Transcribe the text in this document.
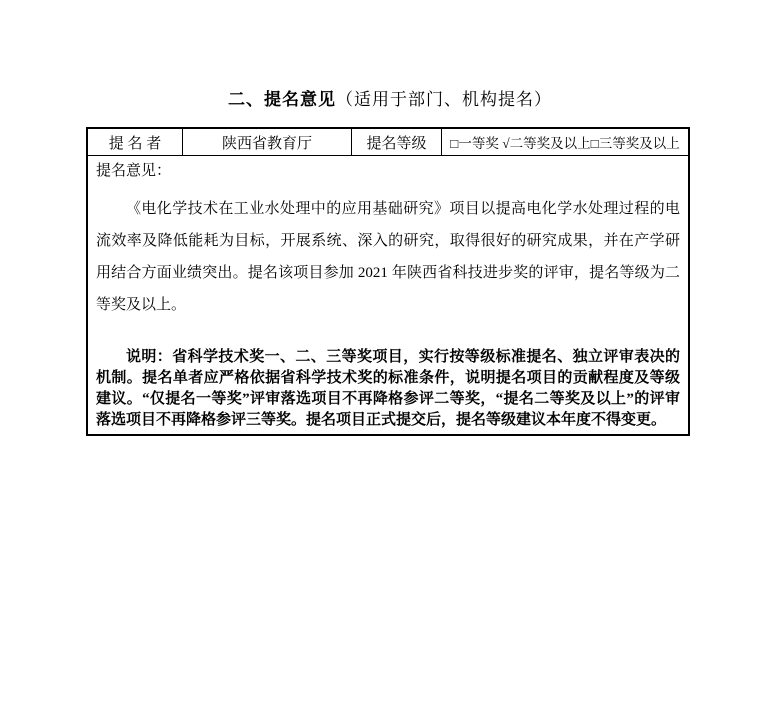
二、提名意见（适用于部门、机构提名）
提 名 者	陕西省教育厅	提名等级	□一等奖 √二等奖及以上□三等奖及以上
提名意见：
《电化学技术在工业水处理中的应用基础研究》项目以提高电化学水处理过程的电流效率及降低能耗为目标，开展系统、深入的研究，取得很好的研究成果，并在产学研用结合方面业绩突出。提名该项目参加 2021 年陕西省科技进步奖的评审，提名等级为二等奖及以上。
说明：省科学技术奖一、二、三等奖项目，实行按等级标准提名、独立评审表决的机制。提名单者应严格依据省科学技术奖的标准条件，说明提名项目的贡献程度及等级建议。“仅提名一等奖”评审落选项目不再降格参评二等奖，“提名二等奖及以上”的评审落选项目不再降格参评三等奖。提名项目正式提交后，提名等级建议本年度不得变更。
